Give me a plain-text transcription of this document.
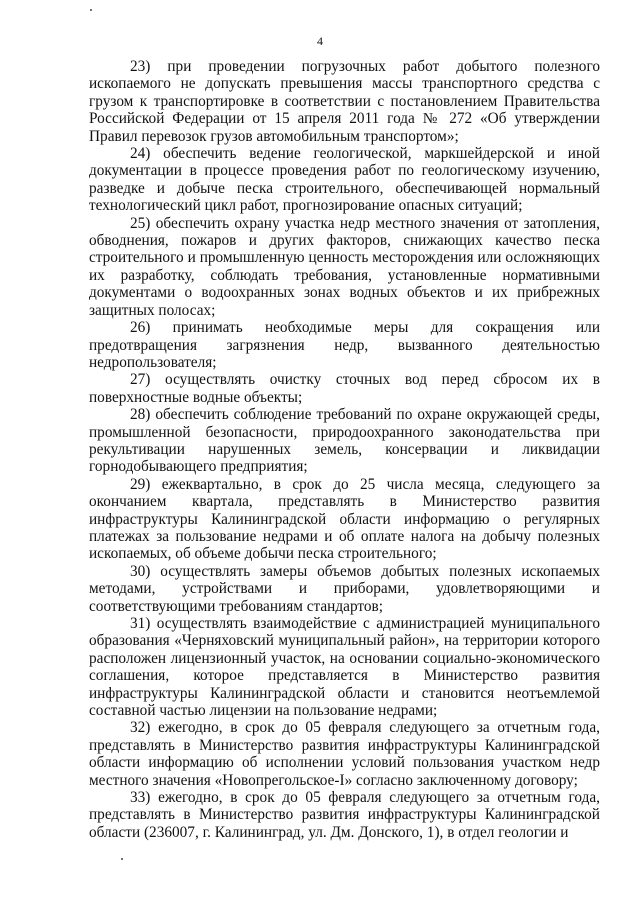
4

23) при проведении погрузочных работ добытого полезного ископаемого не допускать превышения массы транспортного средства с грузом к транспортировке в соответствии с постановлением Правительства Российской Федерации от 15 апреля 2011 года № 272 «Об утверждении Правил перевозок грузов автомобильным транспортом»;

24) обеспечить ведение геологической, маркшейдерской и иной документации в процессе проведения работ по геологическому изучению, разведке и добыче песка строительного, обеспечивающей нормальный технологический цикл работ, прогнозирование опасных ситуаций;

25) обеспечить охрану участка недр местного значения от затопления, обводнения, пожаров и других факторов, снижающих качество песка строительного и промышленную ценность месторождения или осложняющих их разработку, соблюдать требования, установленные нормативными документами о водоохранных зонах водных объектов и их прибрежных защитных полосах;

26) принимать необходимые меры для сокращения или предотвращения загрязнения недр, вызванного деятельностью недропользователя;

27) осуществлять очистку сточных вод перед сбросом их в поверхностные водные объекты;

28) обеспечить соблюдение требований по охране окружающей среды, промышленной безопасности, природоохранного законодательства при рекультивации нарушенных земель, консервации и ликвидации горнодобывающего предприятия;

29) ежеквартально, в срок до 25 числа месяца, следующего за окончанием квартала, представлять в Министерство развития инфраструктуры Калининградской области информацию о регулярных платежах за пользование недрами и об оплате налога на добычу полезных ископаемых, об объеме добычи песка строительного;

30) осуществлять замеры объемов добытых полезных ископаемых методами, устройствами и приборами, удовлетворяющими и соответствующими требованиям стандартов;

31) осуществлять взаимодействие с администрацией муниципального образования «Черняховский муниципальный район», на территории которого расположен лицензионный участок, на основании социально-экономического соглашения, которое представляется в Министерство развития инфраструктуры Калининградской области и становится неотъемлемой составной частью лицензии на пользование недрами;

32) ежегодно, в срок до 05 февраля следующего за отчетным года, представлять в Министерство развития инфраструктуры Калининградской области информацию об исполнении условий пользования участком недр местного значения «Новопрегольское-I» согласно заключенному договору;

33) ежегодно, в срок до 05 февраля следующего за отчетным года, представлять в Министерство развития инфраструктуры Калининградской области (236007, г. Калининград, ул. Дм. Донского, 1), в отдел геологии и
